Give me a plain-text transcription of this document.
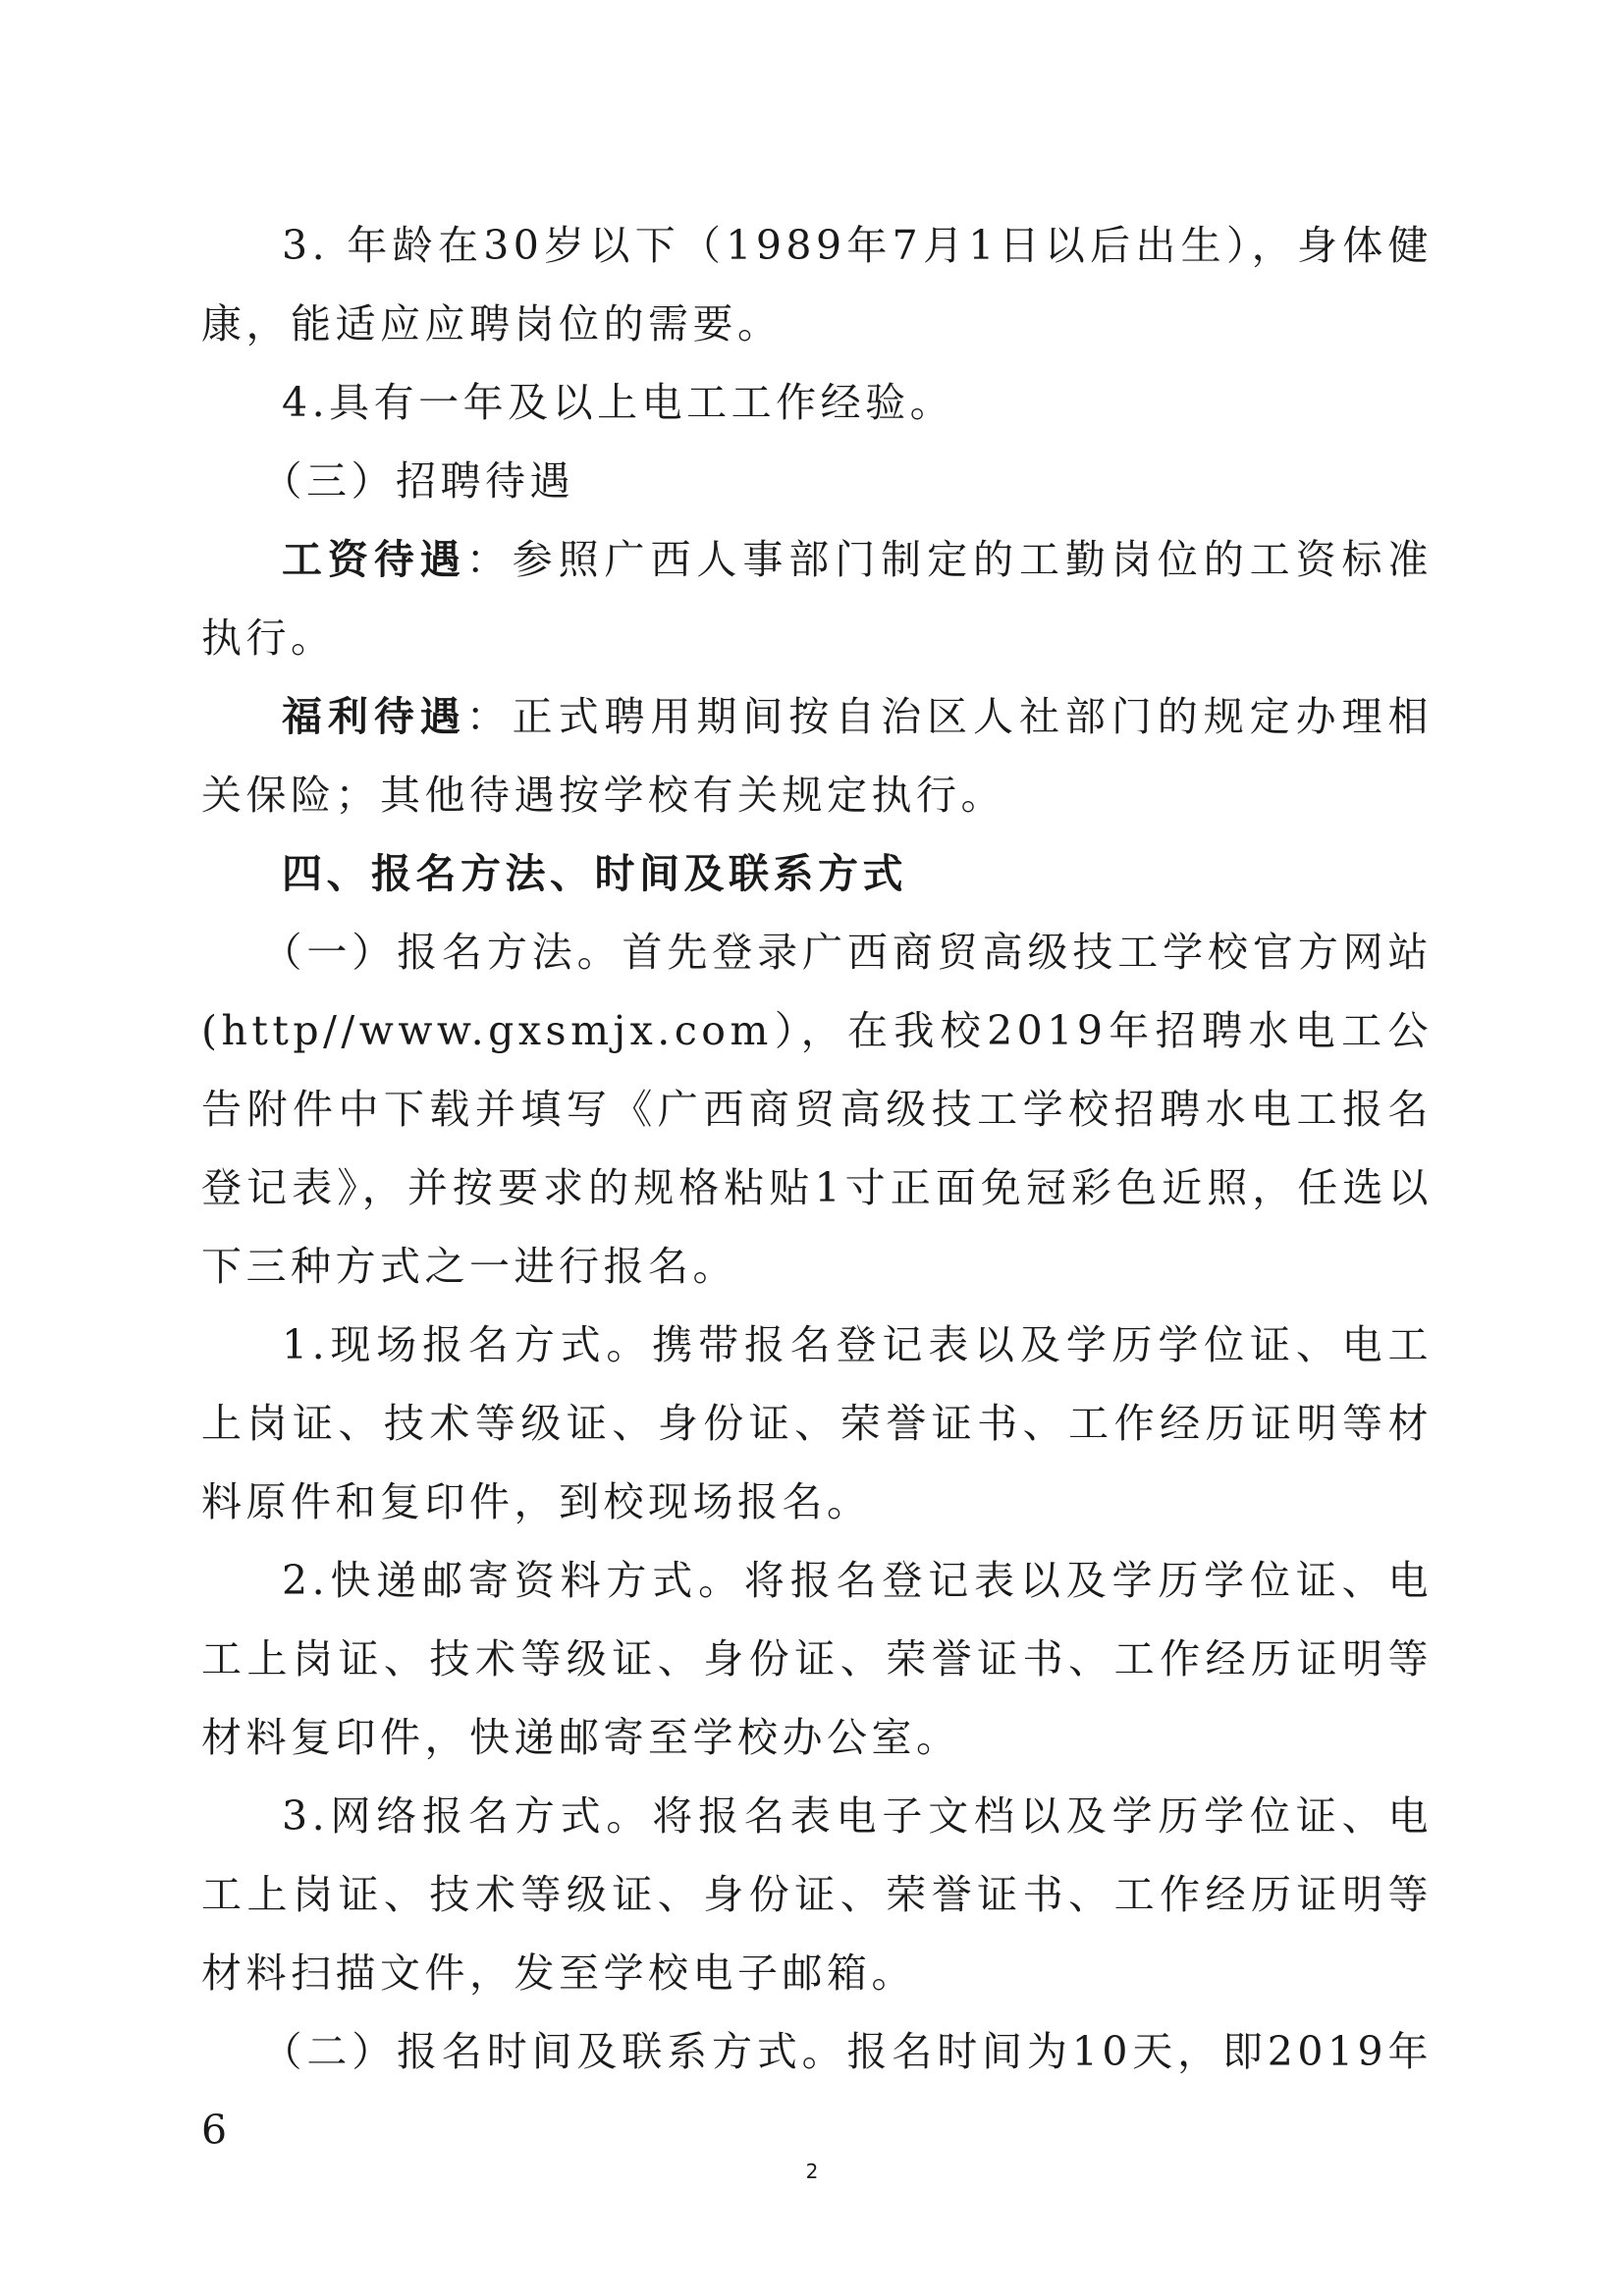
3. 年龄在30岁以下（1989年7月1日以后出生），身体健康，能适应应聘岗位的需要。

4.具有一年及以上电工工作经验。

（三）招聘待遇

工资待遇：参照广西人事部门制定的工勤岗位的工资标准执行。

福利待遇：正式聘用期间按自治区人社部门的规定办理相关保险；其他待遇按学校有关规定执行。

四、报名方法、时间及联系方式

（一）报名方法。首先登录广西商贸高级技工学校官方网站(http//www.gxsmjx.com），在我校2019年招聘水电工公告附件中下载并填写《广西商贸高级技工学校招聘水电工报名登记表》，并按要求的规格粘贴1寸正面免冠彩色近照，任选以下三种方式之一进行报名。

1.现场报名方式。携带报名登记表以及学历学位证、电工上岗证、技术等级证、身份证、荣誉证书、工作经历证明等材料原件和复印件，到校现场报名。

2.快递邮寄资料方式。将报名登记表以及学历学位证、电工上岗证、技术等级证、身份证、荣誉证书、工作经历证明等材料复印件，快递邮寄至学校办公室。

3.网络报名方式。将报名表电子文档以及学历学位证、电工上岗证、技术等级证、身份证、荣誉证书、工作经历证明等材料扫描文件，发至学校电子邮箱。

（二）报名时间及联系方式。报名时间为10天，即2019年6

2
